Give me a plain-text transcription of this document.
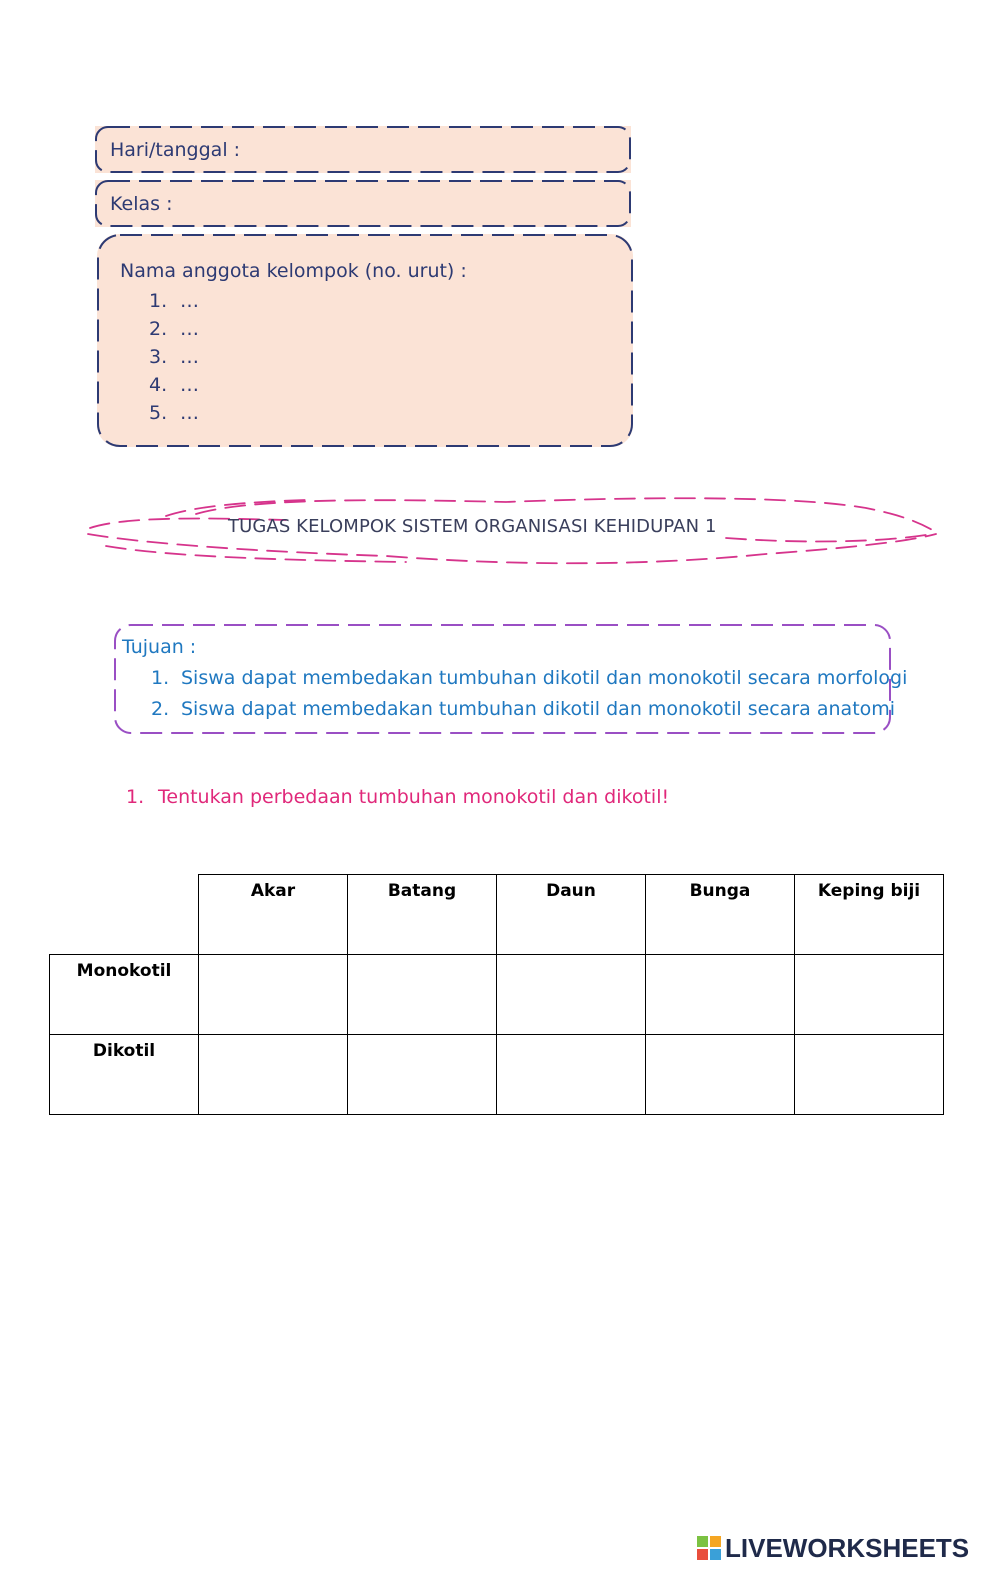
Hari/tanggal :
Kelas :
Nama anggota kelompok (no. urut) :
1. …
2. …
3. …
4. …
5. …
TUGAS KELOMPOK SISTEM ORGANISASI KEHIDUPAN 1
Tujuan :
1. Siswa dapat membedakan tumbuhan dikotil dan monokotil secara morfologi
2. Siswa dapat membedakan tumbuhan dikotil dan monokotil secara anatomi
1. Tentukan perbedaan tumbuhan monokotil dan dikotil!

	Akar	Batang	Daun	Bunga	Keping biji

Monokotil					

Dikotil					

LIVEWORKSHEETS
